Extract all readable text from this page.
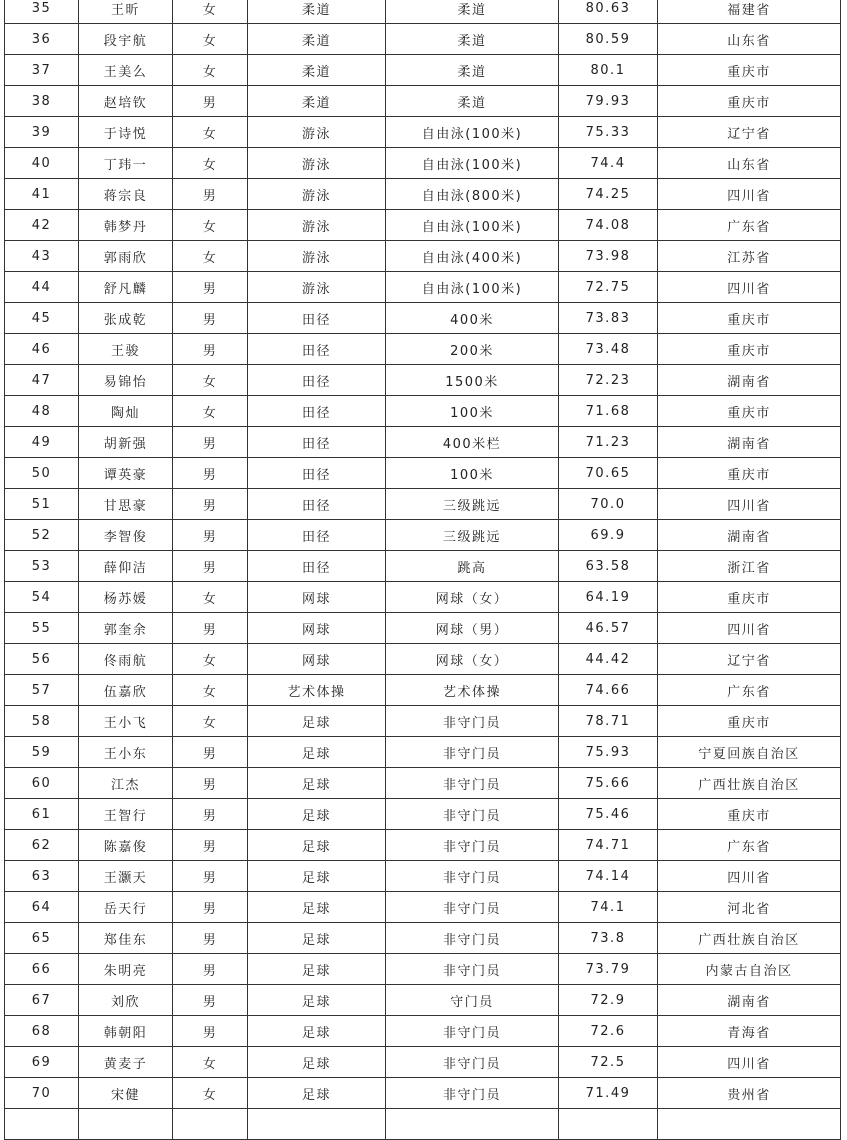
35	王昕	女	柔道	柔道	80.63	福建省
36	段宇航	女	柔道	柔道	80.59	山东省
37	王美么	女	柔道	柔道	80.1	重庆市
38	赵培钦	男	柔道	柔道	79.93	重庆市
39	于诗悦	女	游泳	自由泳(100米)	75.33	辽宁省
40	丁玮一	女	游泳	自由泳(100米)	74.4	山东省
41	蒋宗良	男	游泳	自由泳(800米)	74.25	四川省
42	韩梦丹	女	游泳	自由泳(100米)	74.08	广东省
43	郭雨欣	女	游泳	自由泳(400米)	73.98	江苏省
44	舒凡麟	男	游泳	自由泳(100米)	72.75	四川省
45	张成乾	男	田径	400米	73.83	重庆市
46	王骏	男	田径	200米	73.48	重庆市
47	易锦怡	女	田径	1500米	72.23	湖南省
48	陶灿	女	田径	100米	71.68	重庆市
49	胡新强	男	田径	400米栏	71.23	湖南省
50	谭英豪	男	田径	100米	70.65	重庆市
51	甘思豪	男	田径	三级跳远	70.0	四川省
52	李智俊	男	田径	三级跳远	69.9	湖南省
53	薛仰洁	男	田径	跳高	63.58	浙江省
54	杨苏媛	女	网球	网球（女）	64.19	重庆市
55	郭奎余	男	网球	网球（男）	46.57	四川省
56	佟雨航	女	网球	网球（女）	44.42	辽宁省
57	伍嘉欣	女	艺术体操	艺术体操	74.66	广东省
58	王小飞	女	足球	非守门员	78.71	重庆市
59	王小东	男	足球	非守门员	75.93	宁夏回族自治区
60	江杰	男	足球	非守门员	75.66	广西壮族自治区
61	王智行	男	足球	非守门员	75.46	重庆市
62	陈嘉俊	男	足球	非守门员	74.71	广东省
63	王灏天	男	足球	非守门员	74.14	四川省
64	岳天行	男	足球	非守门员	74.1	河北省
65	郑佳东	男	足球	非守门员	73.8	广西壮族自治区
66	朱明亮	男	足球	非守门员	73.79	内蒙古自治区
67	刘欣	男	足球	守门员	72.9	湖南省
68	韩朝阳	男	足球	非守门员	72.6	青海省
69	黄麦子	女	足球	非守门员	72.5	四川省
70	宋健	女	足球	非守门员	71.49	贵州省
